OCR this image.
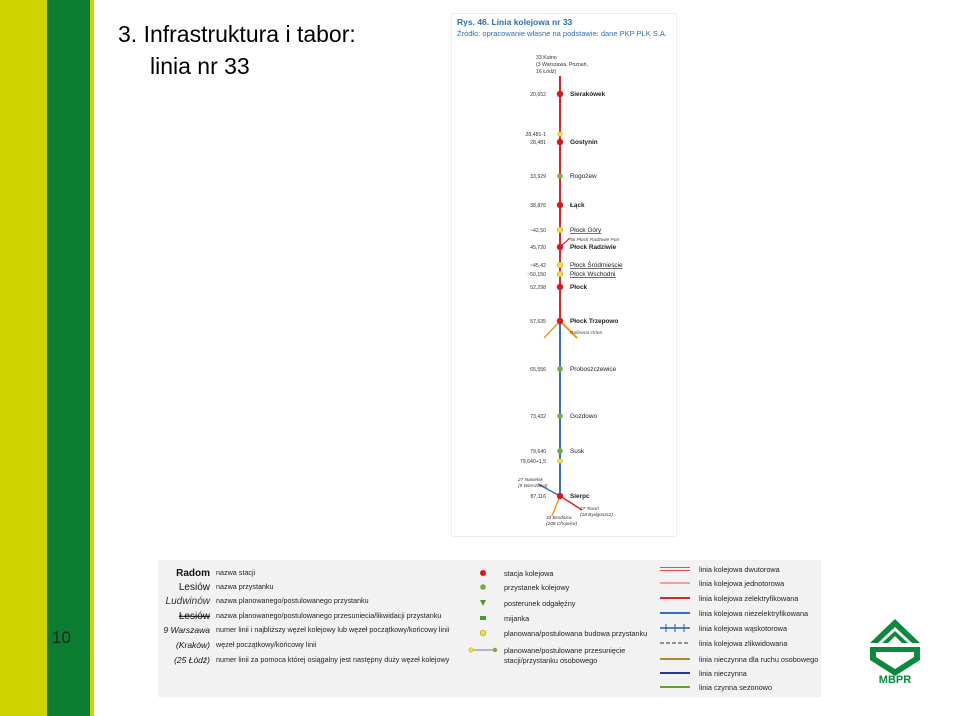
3. Infrastruktura i tabor:
linia nr 33
10
Rys. 46. Linia kolejowa nr 33
Źródło: opracowanie własne na podstawie: dane PKP PLK S.A.
33 Kutno
(3 Warszawa, Poznań,
16 Łódź)
20,652	Sierakówek
28,481-1
28,481	Gostynin
33,929	Rogożew
38,876	Łąck
~42,50	Płock Góry
56 Płock Radziwie Port
45,720	Płock Radziwie
~45,42	Płock Śródmieście
~50,150	Płock Wschodni
52,298	Płock
57,635	Płock Trzepowo
Rafineria Orlen
65,556	Proboszczewice
73,432	Gozdowo
79,640	Susk
79,640+1,5
87,116	Sierpc
27 Nasielsk
(9 Warszawa)
27 Toruń
(18 Bydgoszcz)
33 Brodnica
(208 Chojnice)
Radom nazwa stacji
Lesiów nazwa przystanku
Ludwinów nazwa planowanego/postulowanego przystanku
Łesiów nazwa planowanego/postulowanego przesuniecia/likwidacji przystanku
9 Warszawa numer linii i najbliższy węzeł kolejowy lub węzeł początkowy/końcowy linii
(Kraków) węzeł początkowy/końcowy linii
(25 Łódź) numer linii za pomoca której osiągalny jest następny duży węzeł kolejowy
stacja kolejowa
przystanek kolejowy
posterunek odgałęźny
mijanka
planowana/postulowana budowa przystanku
planowane/postulowane przesunięcie
stacji/przystanku osobowego
linia kolejowa dwutorowa
linia kolejowa jednotorowa
linia kolejowa zelektryfikowana
linia kolejowa niezelektryfikowana
linia kolejowa wąskotorowa
linia kolejowa zlikwidowana
linia nieczynna dla ruchu osobowego
linia nieczynna
linia czynna sezonowo
MBPR
